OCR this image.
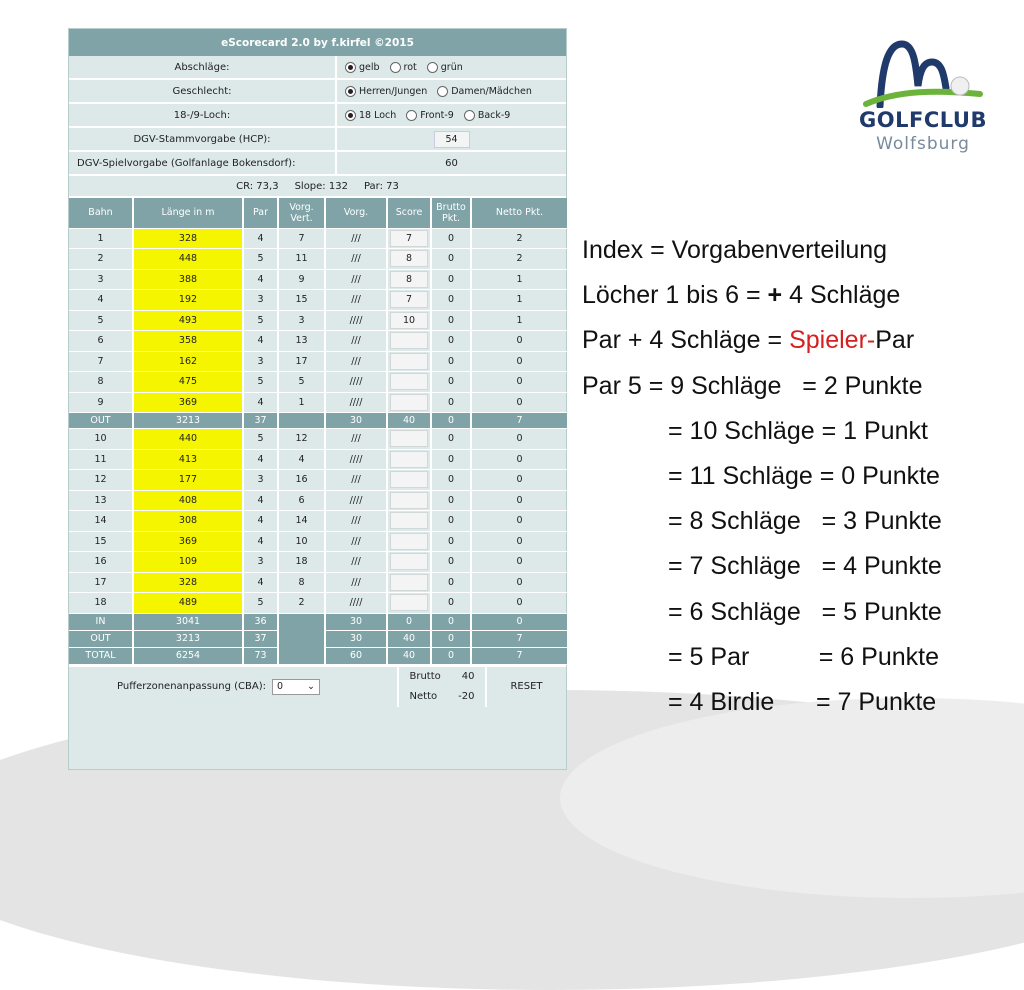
eScorecard 2.0 by f.kirfel ©2015
Abschläge:	gelb	rot	grün
Geschlecht:	Herren/Jungen	Damen/Mädchen
18-/9-Loch:	18 Loch	Front-9	Back-9
DGV-Stammvorgabe (HCP):	54
DGV-Spielvorgabe (Golfanlage Bokensdorf):	60
CR: 73,3 Slope: 132 Par: 73
Bahn	Länge in m	Par	Vorg. Vert.	Vorg.	Score	Brutto Pkt.	Netto Pkt.
1	328	4	7	///	7	0	2
2	448	5	11	///	8	0	2
3	388	4	9	///	8	0	1
4	192	3	15	///	7	0	1
5	493	5	3	////	10	0	1
6	358	4	13	///		0	0
7	162	3	17	///		0	0
8	475	5	5	////		0	0
9	369	4	1	////		0	0
OUT	3213	37		30	40	0	7
10	440	5	12	///		0	0
11	413	4	4	////		0	0
12	177	3	16	///		0	0
13	408	4	6	////		0	0
14	308	4	14	///		0	0
15	369	4	10	///		0	0
16	109	3	18	///		0	0
17	328	4	8	///		0	0
18	489	5	2	////		0	0
IN	3041	36		30	0	0	0
OUT	3213	37		30	40	0	7
TOTAL	6254	73		60	40	0	7
Pufferzonenanpassung (CBA): 0	⌄
Brutto 40
Netto -20
RESET
GOLFCLUB
Wolfsburg
Index = Vorgabenverteilung
Löcher 1 bis 6 = + 4 Schläge
Par + 4 Schläge = Spieler-Par
Par 5 = 9 Schläge   = 2 Punkte
= 10 Schläge = 1 Punkt
= 11 Schläge = 0 Punkte
= 8 Schläge   = 3 Punkte
= 7 Schläge   = 4 Punkte
= 6 Schläge   = 5 Punkte
= 5 Par          = 6 Punkte
= 4 Birdie      = 7 Punkte
